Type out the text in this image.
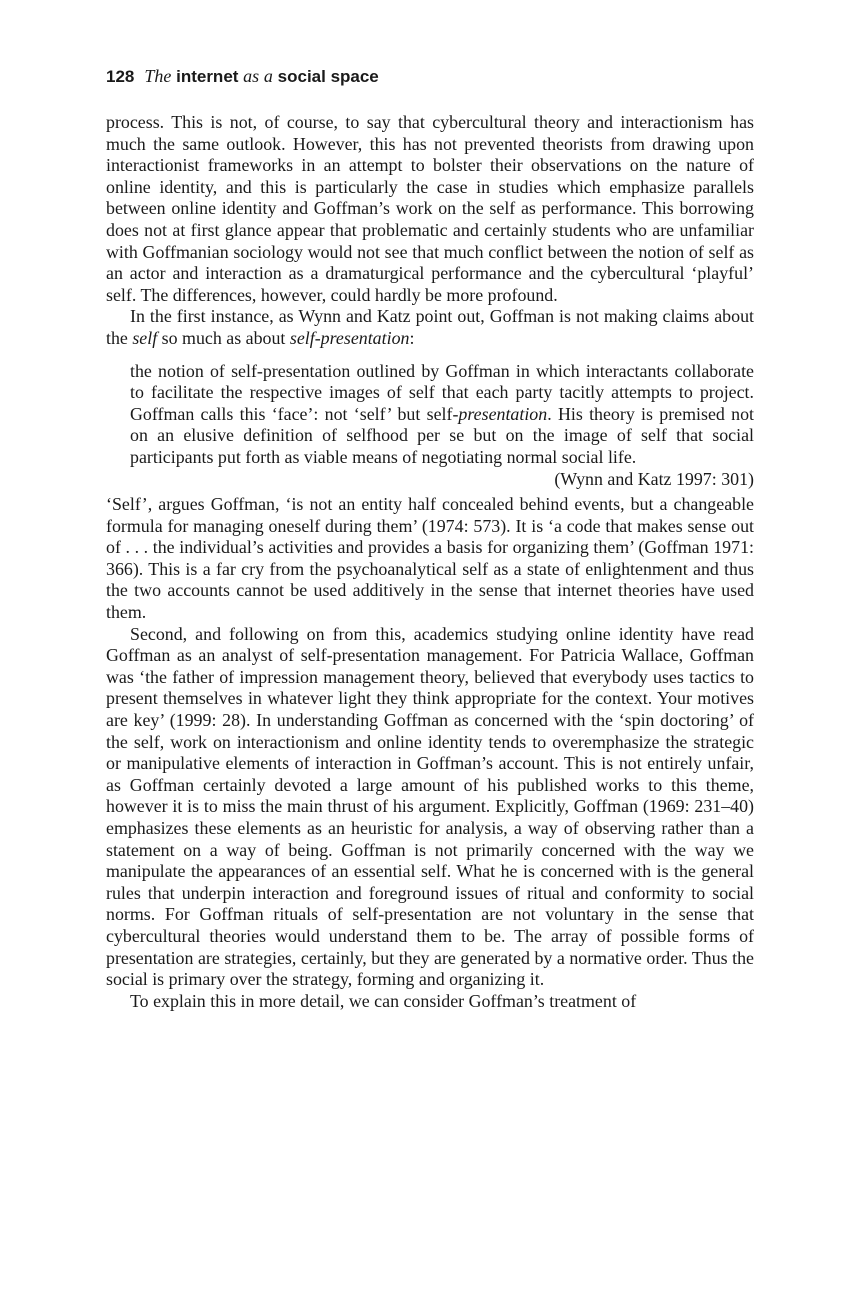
128 The internet as a social space

process. This is not, of course, to say that cybercultural theory and interactionism has much the same outlook. However, this has not prevented theorists from drawing upon interactionist frameworks in an attempt to bolster their observations on the nature of online identity, and this is particularly the case in studies which emphasize parallels between online identity and Goffman’s work on the self as performance. This borrowing does not at first glance appear that problematic and certainly students who are unfamiliar with Goffmanian sociology would not see that much conflict between the notion of self as an actor and interaction as a dramaturgical performance and the cybercultural ‘playful’ self. The differences, however, could hardly be more profound.

In the first instance, as Wynn and Katz point out, Goffman is not making claims about the self so much as about self-presentation:

the notion of self-presentation outlined by Goffman in which interactants collaborate to facilitate the respective images of self that each party tacitly attempts to project. Goffman calls this ‘face’: not ‘self’ but self-presentation. His theory is premised not on an elusive definition of selfhood per se but on the image of self that social participants put forth as viable means of negotiating normal social life.

(Wynn and Katz 1997: 301)

‘Self’, argues Goffman, ‘is not an entity half concealed behind events, but a changeable formula for managing oneself during them’ (1974: 573). It is ‘a code that makes sense out of . . . the individual’s activities and provides a basis for organizing them’ (Goffman 1971: 366). This is a far cry from the psychoanalytical self as a state of enlightenment and thus the two accounts cannot be used additively in the sense that internet theories have used them.

Second, and following on from this, academics studying online identity have read Goffman as an analyst of self-presentation management. For Patricia Wallace, Goffman was ‘the father of impression management theory, believed that everybody uses tactics to present themselves in whatever light they think appropriate for the context. Your motives are key’ (1999: 28). In understanding Goffman as concerned with the ‘spin doctoring’ of the self, work on interactionism and online identity tends to overemphasize the strategic or manipulative elements of interaction in Goffman’s account. This is not entirely unfair, as Goffman certainly devoted a large amount of his published works to this theme, however it is to miss the main thrust of his argument. Explicitly, Goffman (1969: 231–40) emphasizes these elements as an heuristic for analysis, a way of observing rather than a statement on a way of being. Goffman is not primarily concerned with the way we manipulate the appearances of an essential self. What he is concerned with is the general rules that underpin interaction and foreground issues of ritual and conformity to social norms. For Goffman rituals of self-presentation are not voluntary in the sense that cybercultural theories would understand them to be. The array of possible forms of presentation are strategies, certainly, but they are generated by a normative order. Thus the social is primary over the strategy, forming and organizing it.

To explain this in more detail, we can consider Goffman’s treatment of
